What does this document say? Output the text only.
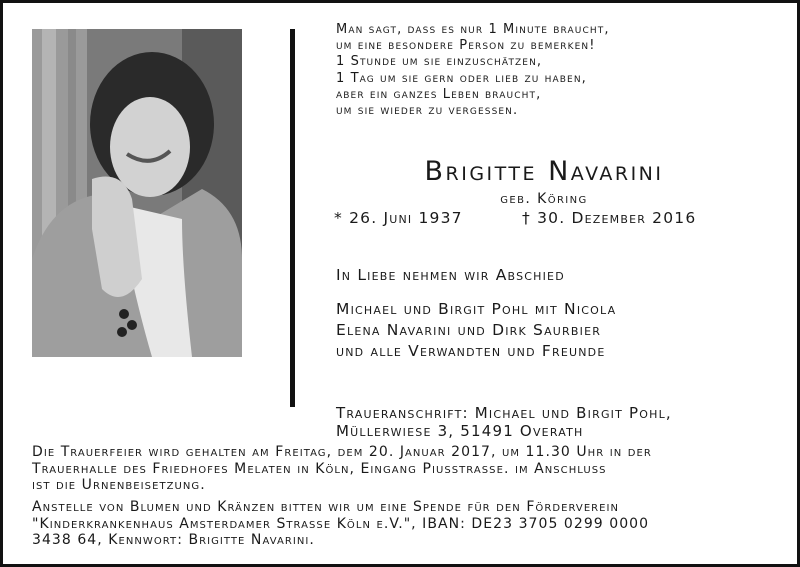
Man sagt, dass es nur 1 Minute braucht,
um eine besondere Person zu bemerken!
1 Stunde um sie einzuschätzen,
1 Tag um sie gern oder lieb zu haben,
aber ein ganzes Leben braucht,
um sie wieder zu vergessen.
Brigitte Navarini
geb. Köring
* 26. Juni 1937	† 30. Dezember 2016
In Liebe nehmen wir Abschied
Michael und Birgit Pohl mit Nicola
Elena Navarini und Dirk Saurbier
und alle Verwandten und Freunde
Traueranschrift: Michael und Birgit Pohl,
Müllerwiese 3, 51491 Overath
Die Trauerfeier wird gehalten am Freitag, dem 20. Januar 2017, um 11.30 Uhr in der
Trauerhalle des Friedhofes Melaten in Köln, Eingang Piusstrasse. im Anschluss
ist die Urnenbeisetzung.
Anstelle von Blumen und Kränzen bitten wir um eine Spende für den Förderverein
"Kinderkrankenhaus Amsterdamer Strasse Köln e.V.", IBAN: DE23 3705 0299 0000
3438 64, Kennwort: Brigitte Navarini.
